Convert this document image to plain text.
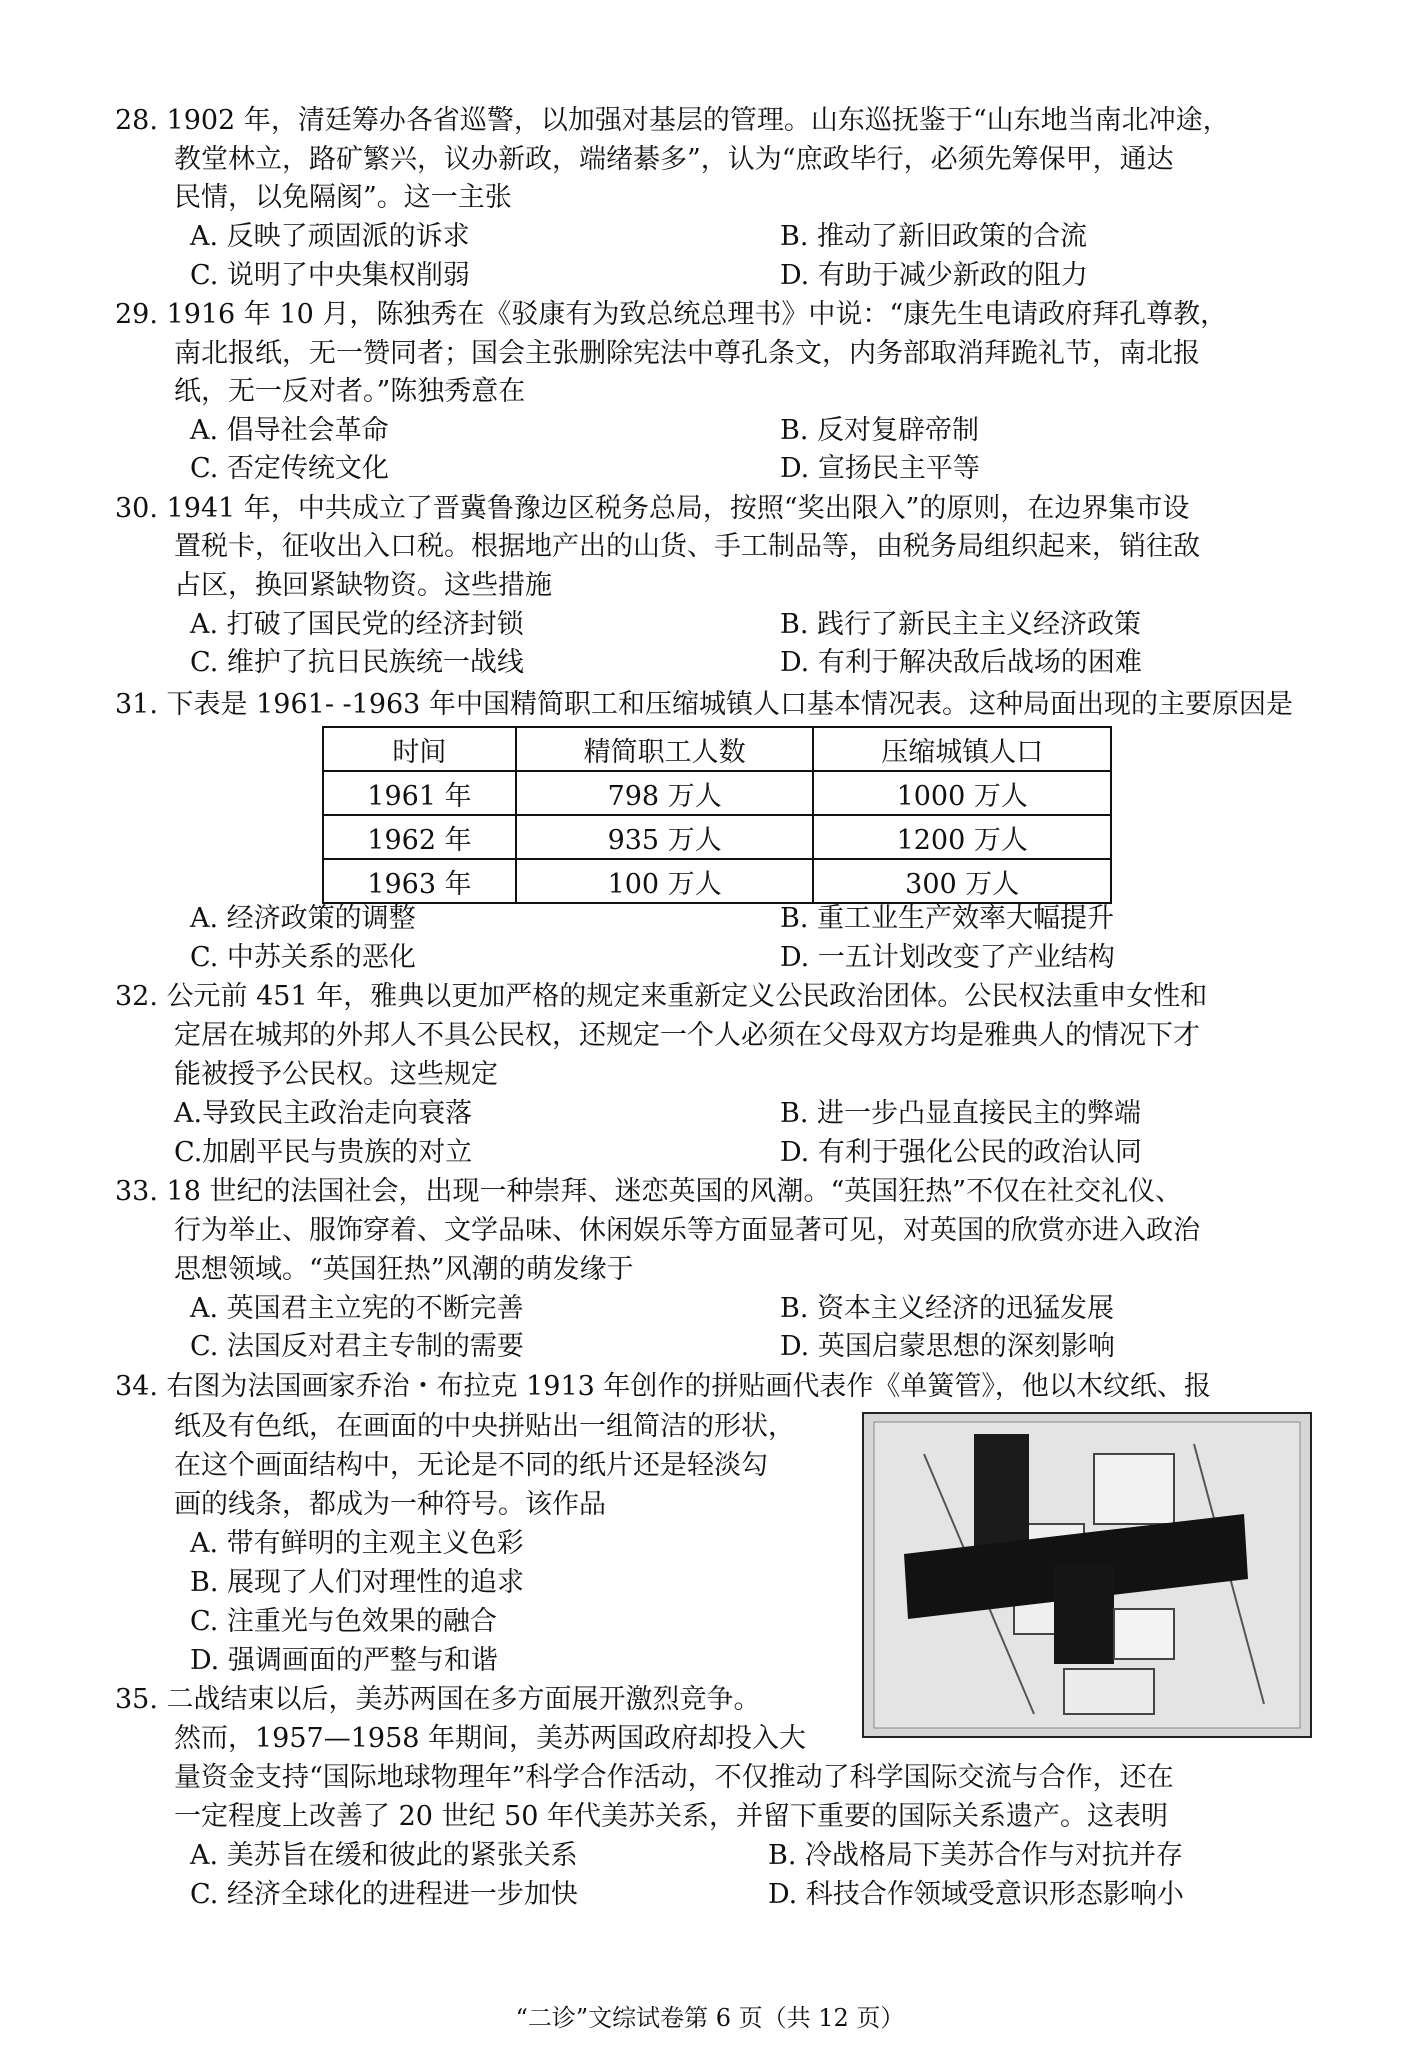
28. 1902 年，清廷筹办各省巡警，以加强对基层的管理。山东巡抚鉴于“山东地当南北冲途，
教堂林立，路矿繁兴，议办新政，端绪綦多”，认为“庶政毕行，必须先筹保甲，通达
民情，以免隔阂”。这一主张
A. 反映了顽固派的诉求	B. 推动了新旧政策的合流
C. 说明了中央集权削弱	D. 有助于减少新政的阻力
29. 1916 年 10 月，陈独秀在《驳康有为致总统总理书》中说：“康先生电请政府拜孔尊教，
南北报纸，无一赞同者；国会主张删除宪法中尊孔条文，内务部取消拜跪礼节，南北报
纸，无一反对者。”陈独秀意在
A. 倡导社会革命	B. 反对复辟帝制
C. 否定传统文化	D. 宣扬民主平等
30. 1941 年，中共成立了晋冀鲁豫边区税务总局，按照“奖出限入”的原则，在边界集市设
置税卡，征收出入口税。根据地产出的山货、手工制品等，由税务局组织起来，销往敌
占区，换回紧缺物资。这些措施
A. 打破了国民党的经济封锁	B. 践行了新民主主义经济政策
C. 维护了抗日民族统一战线	D. 有利于解决敌后战场的困难
31. 下表是 1961- -1963 年中国精简职工和压缩城镇人口基本情况表。这种局面出现的主要原因是
时间	精简职工人数	压缩城镇人口
1961 年	798 万人	1000 万人
1962 年	935 万人	1200 万人
1963 年	100 万人	300 万人
A. 经济政策的调整	B. 重工业生产效率大幅提升
C. 中苏关系的恶化	D. 一五计划改变了产业结构
32. 公元前 451 年，雅典以更加严格的规定来重新定义公民政治团体。公民权法重申女性和
定居在城邦的外邦人不具公民权，还规定一个人必须在父母双方均是雅典人的情况下才
能被授予公民权。这些规定
A.导致民主政治走向衰落	B. 进一步凸显直接民主的弊端
C.加剧平民与贵族的对立	D. 有利于强化公民的政治认同
33. 18 世纪的法国社会，出现一种崇拜、迷恋英国的风潮。“英国狂热”不仅在社交礼仪、
行为举止、服饰穿着、文学品味、休闲娱乐等方面显著可见，对英国的欣赏亦进入政治
思想领域。“英国狂热”风潮的萌发缘于
A. 英国君主立宪的不断完善	B. 资本主义经济的迅猛发展
C. 法国反对君主专制的需要	D. 英国启蒙思想的深刻影响
34. 右图为法国画家乔治・布拉克 1913 年创作的拼贴画代表作《单簧管》，他以木纹纸、报
纸及有色纸，在画面的中央拼贴出一组简洁的形状，
在这个画面结构中，无论是不同的纸片还是轻淡勾
画的线条，都成为一种符号。该作品
A. 带有鲜明的主观主义色彩
B. 展现了人们对理性的追求
C. 注重光与色效果的融合
D. 强调画面的严整与和谐
35. 二战结束以后，美苏两国在多方面展开激烈竞争。
然而，1957—1958 年期间，美苏两国政府却投入大
量资金支持“国际地球物理年”科学合作活动，不仅推动了科学国际交流与合作，还在
一定程度上改善了 20 世纪 50 年代美苏关系，并留下重要的国际关系遗产。这表明
A. 美苏旨在缓和彼此的紧张关系	B. 冷战格局下美苏合作与对抗并存
C. 经济全球化的进程进一步加快	D. 科技合作领域受意识形态影响小
“二诊”文综试卷第 6 页（共 12 页）
